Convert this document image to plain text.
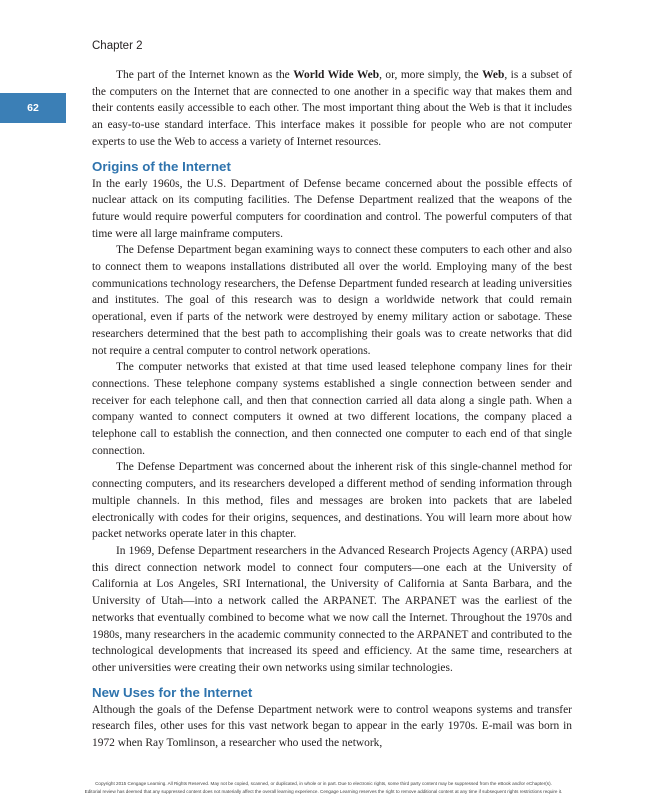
Chapter 2
62

The part of the Internet known as the World Wide Web, or, more simply, the Web, is a subset of the computers on the Internet that are connected to one another in a specific way that makes them and their contents easily accessible to each other. The most important thing about the Web is that it includes an easy-to-use standard interface. This interface makes it possible for people who are not computer experts to use the Web to access a variety of Internet resources.

Origins of the Internet

In the early 1960s, the U.S. Department of Defense became concerned about the possible effects of nuclear attack on its computing facilities. The Defense Department realized that the weapons of the future would require powerful computers for coordination and control. The powerful computers of that time were all large mainframe computers.

The Defense Department began examining ways to connect these computers to each other and also to connect them to weapons installations distributed all over the world. Employing many of the best communications technology researchers, the Defense Department funded research at leading universities and institutes. The goal of this research was to design a worldwide network that could remain operational, even if parts of the network were destroyed by enemy military action or sabotage. These researchers determined that the best path to accomplishing their goals was to create networks that did not require a central computer to control network operations.

The computer networks that existed at that time used leased telephone company lines for their connections. These telephone company systems established a single connection between sender and receiver for each telephone call, and then that connection carried all data along a single path. When a company wanted to connect computers it owned at two different locations, the company placed a telephone call to establish the connection, and then connected one computer to each end of that single connection.

The Defense Department was concerned about the inherent risk of this single-channel method for connecting computers, and its researchers developed a different method of sending information through multiple channels. In this method, files and messages are broken into packets that are labeled electronically with codes for their origins, sequences, and destinations. You will learn more about how packet networks operate later in this chapter.

In 1969, Defense Department researchers in the Advanced Research Projects Agency (ARPA) used this direct connection network model to connect four computers—one each at the University of California at Los Angeles, SRI International, the University of California at Santa Barbara, and the University of Utah—into a network called the ARPANET. The ARPANET was the earliest of the networks that eventually combined to become what we now call the Internet. Throughout the 1970s and 1980s, many researchers in the academic community connected to the ARPANET and contributed to the technological developments that increased its speed and efficiency. At the same time, researchers at other universities were creating their own networks using similar technologies.

New Uses for the Internet

Although the goals of the Defense Department network were to control weapons systems and transfer research files, other uses for this vast network began to appear in the early 1970s. E-mail was born in 1972 when Ray Tomlinson, a researcher who used the network,

Copyright 2015 Cengage Learning. All Rights Reserved. May not be copied, scanned, or duplicated, in whole or in part. Due to electronic rights, some third party content may be suppressed from the eBook and/or eChapter(s).
Editorial review has deemed that any suppressed content does not materially affect the overall learning experience. Cengage Learning reserves the right to remove additional content at any time if subsequent rights restrictions require it.
